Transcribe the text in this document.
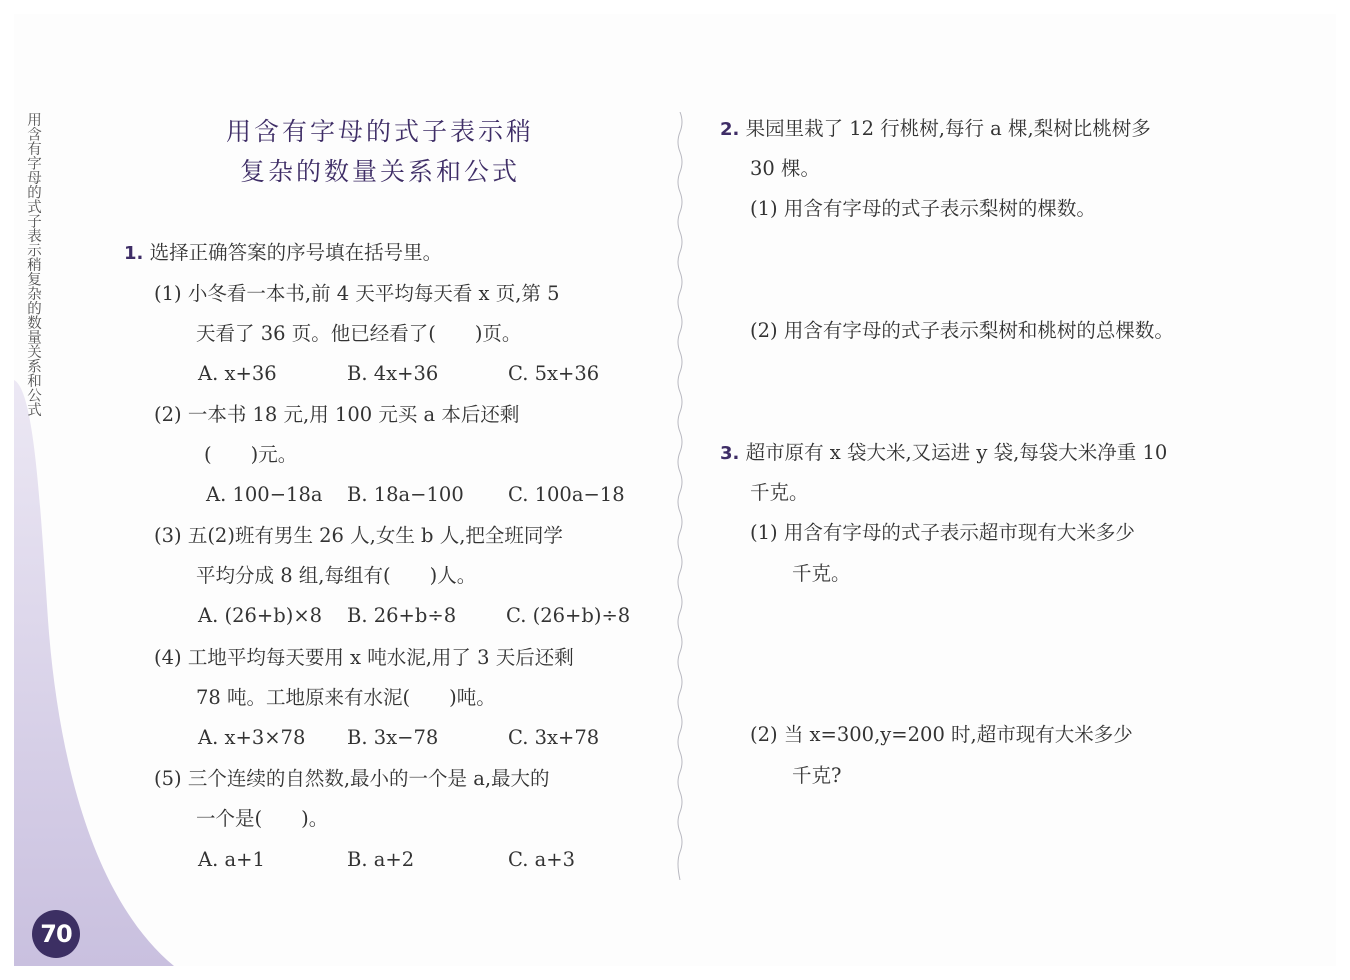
用含有字母的式子表示稍复杂的数量关系和公式
70
用含有字母的式子表示稍
复杂的数量关系和公式
1. 选择正确答案的序号填在括号里。
(1) 小冬看一本书,前 4 天平均每天看 x 页,第 5
天看了 36 页。他已经看了(　　)页。
A. x+36	B. 4x+36	C. 5x+36
(2) 一本书 18 元,用 100 元买 a 本后还剩
(　　)元。
A. 100−18a B. 18a−100 C. 100a−18
(3) 五(2)班有男生 26 人,女生 b 人,把全班同学
平均分成 8 组,每组有(　　)人。
A. (26+b)×8 B. 26+b÷8	C. (26+b)÷8
(4) 工地平均每天要用 x 吨水泥,用了 3 天后还剩
78 吨。工地原来有水泥(　　)吨。
A. x+3×78 B. 3x−78	C. 3x+78
(5) 三个连续的自然数,最小的一个是 a,最大的
一个是(　　)。
A. a+1	B. a+2	C. a+3
2. 果园里栽了 12 行桃树,每行 a 棵,梨树比桃树多
30 棵。
(1) 用含有字母的式子表示梨树的棵数。
(2) 用含有字母的式子表示梨树和桃树的总棵数。
3. 超市原有 x 袋大米,又运进 y 袋,每袋大米净重 10
千克。
(1) 用含有字母的式子表示超市现有大米多少
千克。
(2) 当 x=300,y=200 时,超市现有大米多少
千克?
